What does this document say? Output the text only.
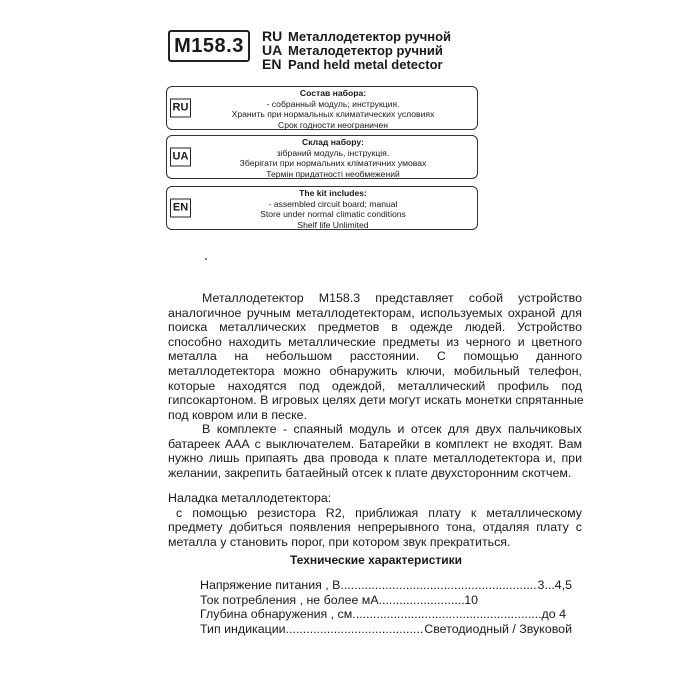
M158.3	RU Металлодетектор ручной
UA Металодетектор ручний
EN Pand held metal detector
RU
Состав набора:
- собранный модуль; инструкция.
Хранить при нормальных климатических условиях
Срок годности неограничен
UA
Склад набору:
зібраний модуль, інструкція.
Зберігати при нормальних кліматичних умовах
Термін придатності необмежений
EN
The kit includes:
- assembled circuit board; manual
Store under normal climatic conditions
Shelf life Unlimited
Металлодетектор М158.3 представляет собой устройство
аналогичное ручным металлодетекторам, используемых охраной для
поиска металлических предметов в одежде людей. Устройство
способно находить металлические предметы из черного и цветного
металла на небольшом расстоянии. С помощью данного
металлодетектора можно обнаружить ключи, мобильный телефон,
которые находятся под одеждой, металлический профиль под
гипсокартоном. В игровых целях дети могут искать монетки спрятанные
под ковром или в песке.
В комплекте - спаяный модуль и отсек для двух пальчиковых
батареек ААА с выключателем. Батарейки в комплект не входят. Вам
нужно лишь припаять два провода к плате металлодетектора и, при
желании, закрепить бaтаейный отсек к плате двухсторонним скотчем.
Наладка металлодетектора:
с помощью резистора R2, приближая плату к металлическому
предмету добиться появления непрерывного тона, отдаляя плату с
металла у становить порог, при котором звук прекратиться.
Технические характеристики
Напряжение питания , В .....	3...4,5
Ток потребления , не более мА .....	10
Глубина обнаружения , см .....	до 4
Тип индикации .....	Светодиодный / Звуковой
